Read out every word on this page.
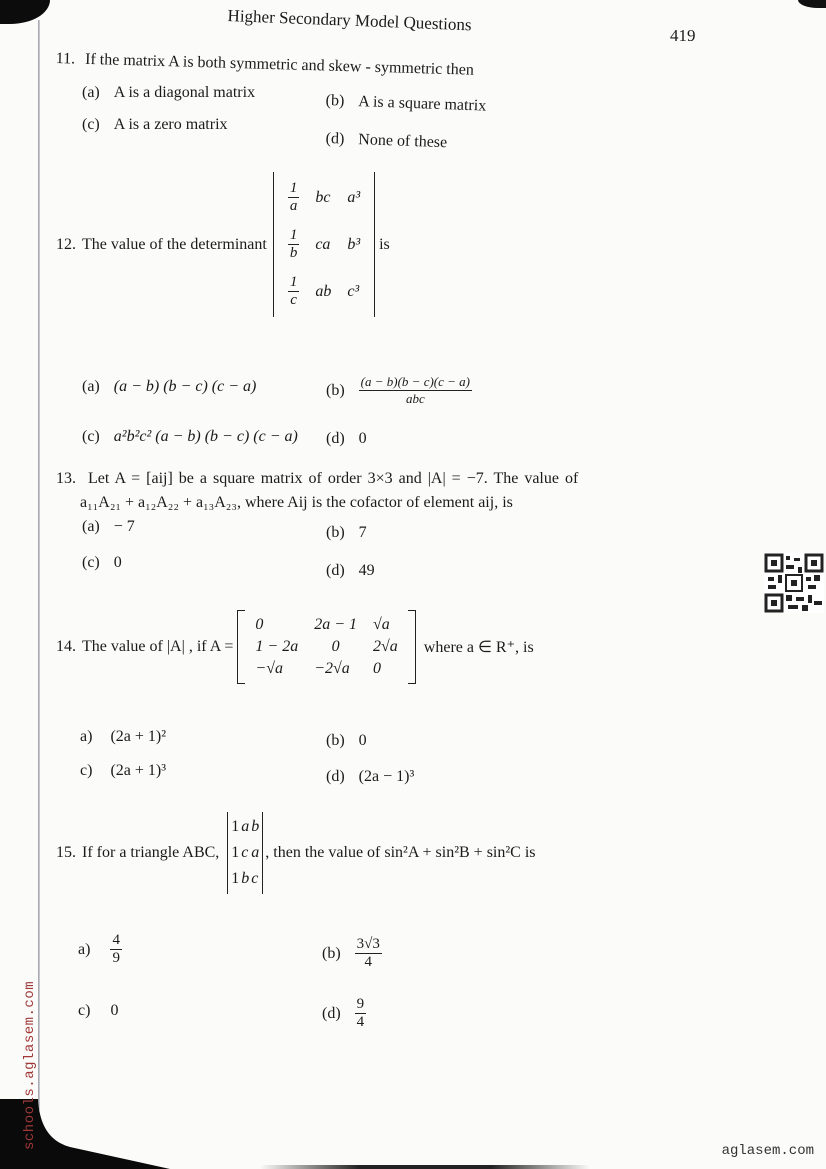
Higher Secondary Model Questions
419
11. If the matrix A is both symmetric and skew - symmetric then
(a) A is a diagonal matrix	(b) A is a square matrix
(c) A is a zero matrix
(d) None of these
12. The value of the determinant
$\frac{1}{a}$	bc	a³

$\frac{1}{b}$	ca	b³

$\frac{1}{c}$	ab	c³
is
(a) (a − b) (b − c) (c − a)	$(b) \frac{(a - b)(b - c)(c - a)}{\text{abc}}$
(c) a²b²c² (a − b) (b − c) (c − a) (d) 0
13. Let A = [aij] be a square matrix of order 3×3 and |A| = −7. The value of
a₁₁A₂₁ + a₁₂A₂₂ + a₁₃A₂₃, where Aij is the cofactor of element aij, is
(a) − 7	(b) 7
(c) 0	(d) 49
14. The value of |A| , if A =
0	2a − 1	√a
1 − 2a	0	2√a
−√a	−2√a	0
where a ∈ R⁺, is
a) (2a + 1)²	(b) 0
c) (2a + 1)³	(d) (2a − 1)³
15. If for a triangle ABC,
1	a	b
1	c	a
1	b	c
, then the value of sin²A + sin²B + sin²C is
$a) \frac{4}{9}$	$(b) \frac{3√3}{4}$
c) 0	$(d) \frac{9}{4}$
schools.aglasem.com
aglasem.com
